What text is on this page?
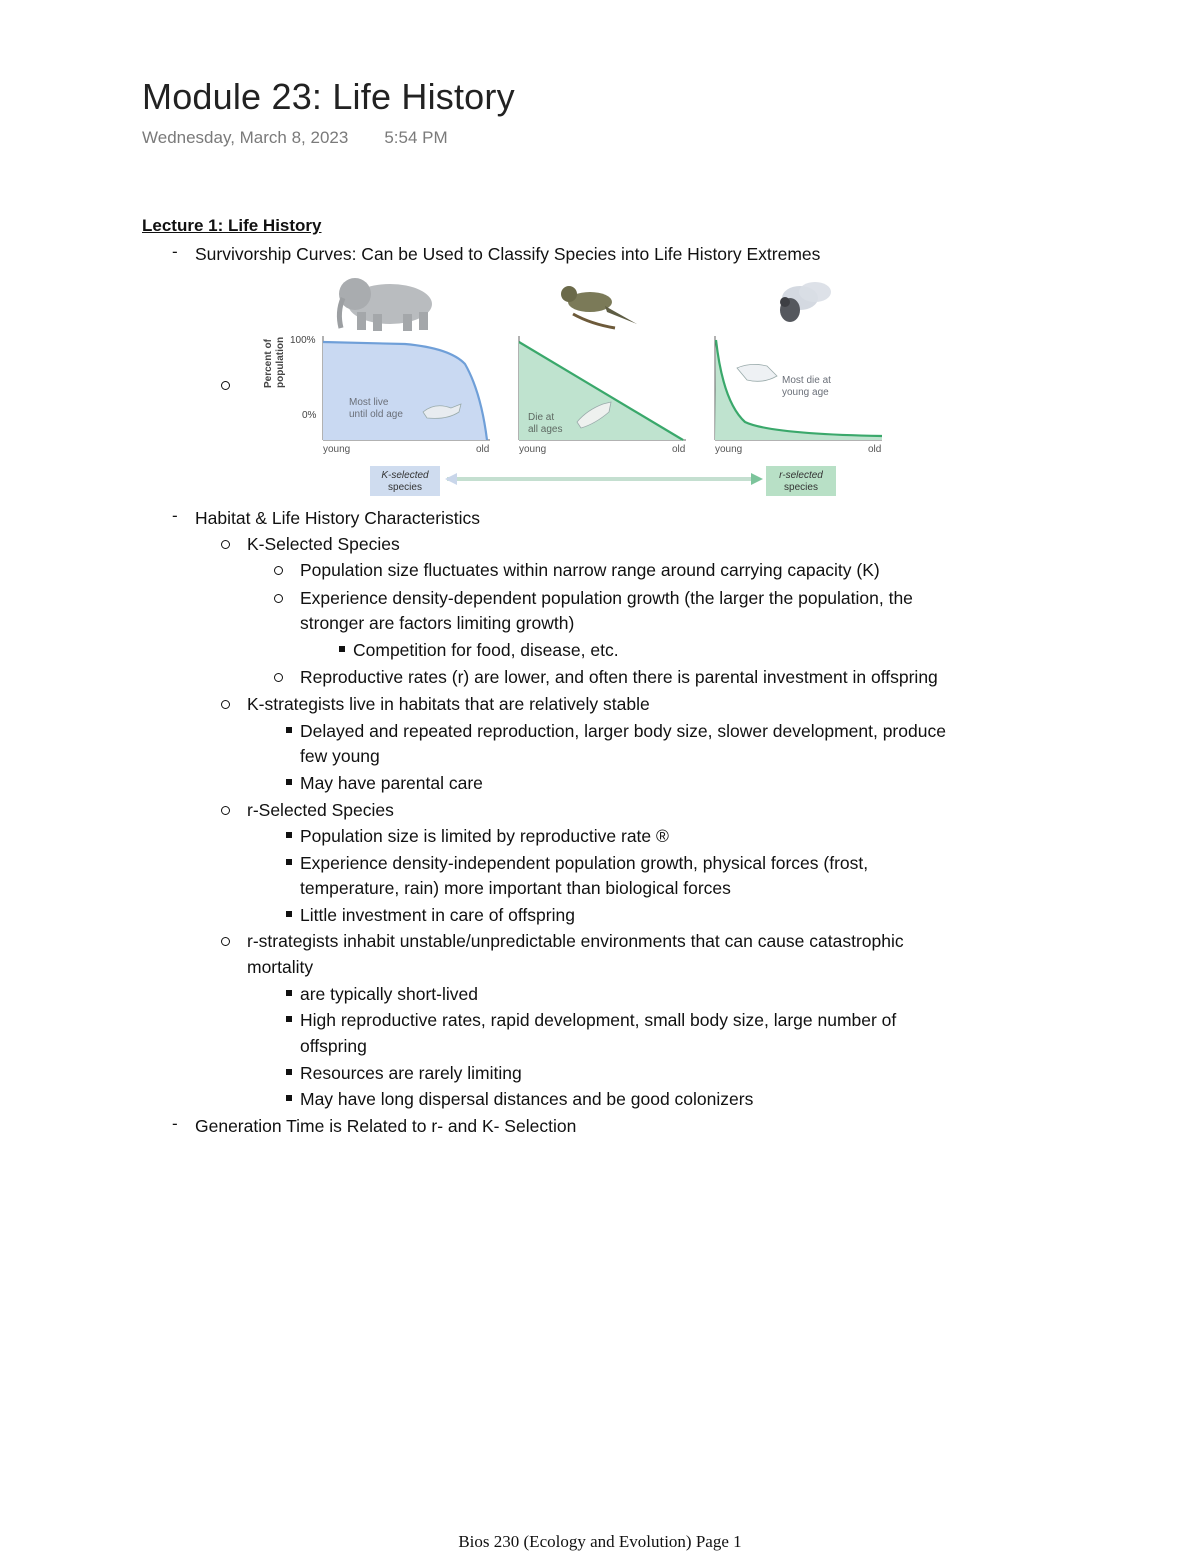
Module 23: Life History
Wednesday, March 8, 2023 5:54 PM
Lecture 1: Life History
- Survivorship Curves: Can be Used to Classify Species into Life History Extremes
Percent of population 100%
0%
Most live
until old age
young	old
Die at
all ages
young	old
Most die at
young age
young	old
K-selected
species
r-selected
species
- Habitat & Life History Characteristics
K-Selected Species
Population size fluctuates within narrow range around carrying capacity (K)
Experience density-dependent population growth (the larger the population, the
stronger are factors limiting growth)
Competition for food, disease, etc.
Reproductive rates (r) are lower, and often there is parental investment in offspring
K-strategists live in habitats that are relatively stable
Delayed and repeated reproduction, larger body size, slower development, produce
few young
May have parental care
r-Selected Species
Population size is limited by reproductive rate ®
Experience density-independent population growth, physical forces (frost,
temperature, rain) more important than biological forces
Little investment in care of offspring
r-strategists inhabit unstable/unpredictable environments that can cause catastrophic
mortality
are typically short-lived
High reproductive rates, rapid development, small body size, large number of
offspring
Resources are rarely limiting
May have long dispersal distances and be good colonizers
- Generation Time is Related to r- and K- Selection
Bios 230 (Ecology and Evolution) Page 1
